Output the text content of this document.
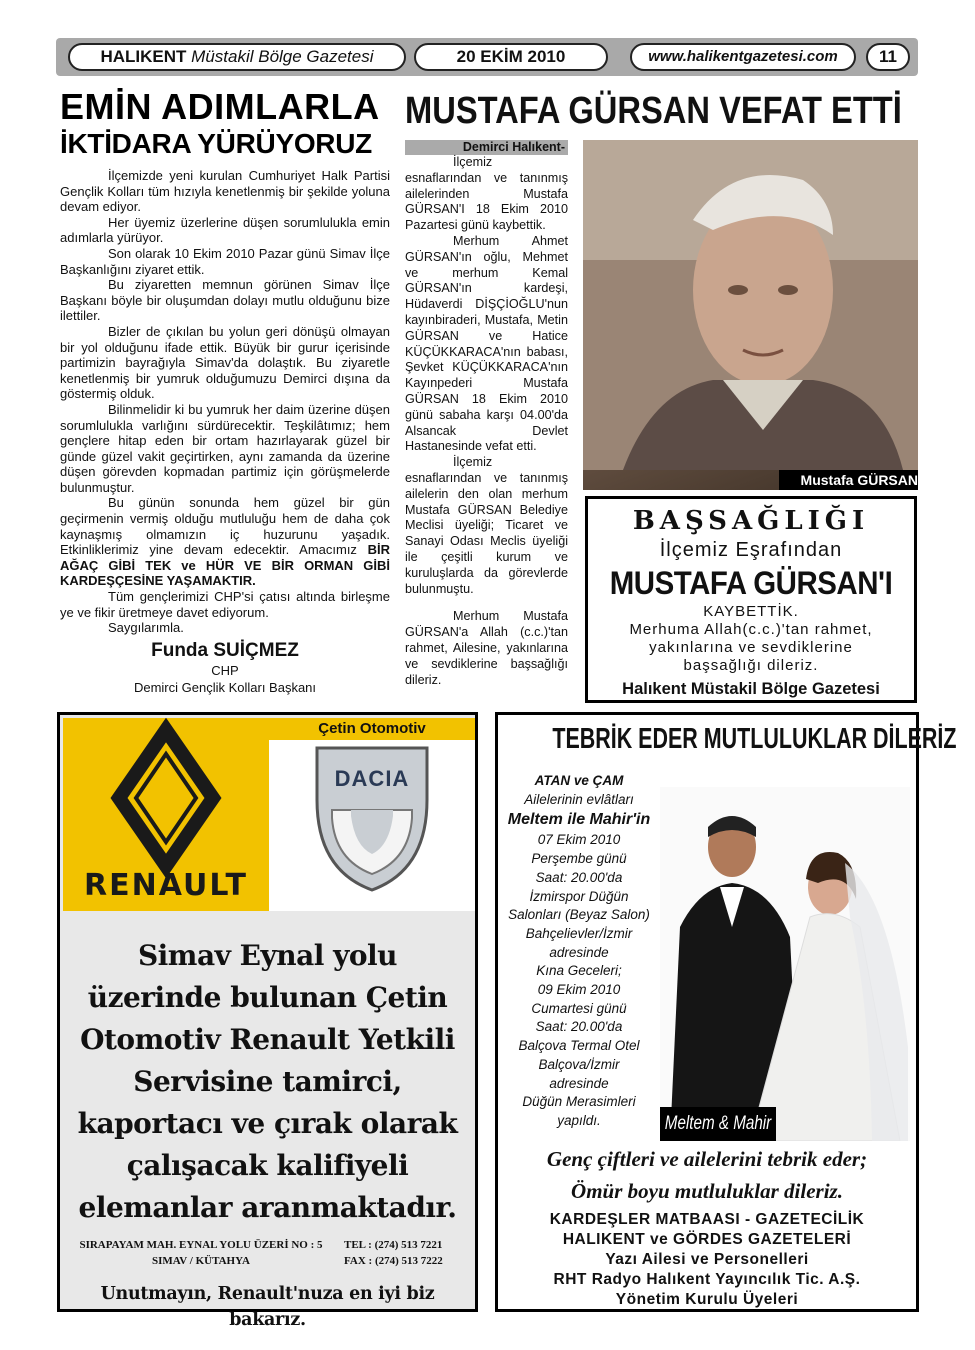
HALIKENT Müstakil Bölge Gazetesi	20 EKİM 2010	www.halikentgazetesi.com	11
EMİN ADIMLARLA
İKTİDARA YÜRÜYORUZ

İlçemizde yeni kurulan Cumhuriyet Halk Partisi Gençlik Kolları tüm hızıyla kenetlenmiş bir şekilde yoluna devam ediyor.

Her üyemiz üzerlerine düşen sorumlulukla emin adımlarla yürüyor.

Son olarak 10 Ekim 2010 Pazar günü Simav İlçe Başkanlığını ziyaret ettik.

Bu ziyaretten memnun görünen Simav İlçe Başkanı böyle bir oluşumdan dolayı mutlu olduğunu bize ilettiler.

Bizler de çıkılan bu yolun geri dönüşü olmayan bir yol olduğunu ifade ettik. Büyük bir gurur içerisinde partimizin bayrağıyla Simav'da dolaştık. Bu ziyaretle kenetlenmiş bir yumruk olduğumuzu Demirci dışına da göstermiş olduk.

Bilinmelidir ki bu yumruk her daim üzerine düşen sorumlulukla varlığını sürdürecektir. Teşkilâtımız; hem gençlere hitap eden bir ortam hazırlayarak güzel bir günde güzel vakit geçirtirken, aynı zamanda da üzerine düşen görevden kopmadan partimiz için görüşmelerde bulunmuştur.

Bu günün sonunda hem güzel bir gün geçirmenin vermiş olduğu mutluluğu hem de daha çok kaynaşmış olmamızın iç huzurunu yaşadık. Etkinliklerimiz yine devam edecektir. Amacımız BİR AĞAÇ GİBİ TEK ve HÜR VE BİR ORMAN GİBİ KARDEŞÇESİNE YAŞAMAKTIR.

Tüm gençlerimizi CHP'si çatısı altında birleşme ye ve fikir üretmeye davet ediyorum.

Saygılarımla.

Funda SUİÇMEZ
CHP
Demirci Gençlik Kolları Başkanı
MUSTAFA GÜRSAN VEFAT ETTİ
Demirci Halıkent-

İlçemiz esnaflarından ve tanınmış ailelerinden Mustafa GÜRSAN'I 18 Ekim 2010 Pazartesi günü kaybettik.

Merhum Ahmet GÜRSAN'ın oğlu, Mehmet ve merhum Kemal GÜRSAN'ın kardeşi, Hüdaverdi DİŞÇİOĞLU'nun kayınbiraderi, Mustafa, Metin GÜRSAN ve Hatice KÜÇÜKKARACA'nın babası, Şevket KÜÇÜKKARACA'nın Kayınpederi Mustafa GÜRSAN 18 Ekim 2010 günü sabaha karşı 04.00'da Alsancak Devlet Hastanesinde vefat etti.

İlçemiz esnaflarından ve tanınmış ailelerin den olan merhum Mustafa GÜRSAN Belediye Meclisi üyeliği; Ticaret ve Sanayi Odası Meclis üyeliği ile çeşitli kurum ve kuruluşlarda da görevlerde bulunmuştu.

Merhum Mustafa GÜRSAN'a Allah (c.c.)'tan rahmet, Ailesine, yakınlarına ve sevdiklerine başsağlığı dileriz.

Mustafa GÜRSAN
BAŞSAĞLIĞI
İlçemiz Eşrafından
MUSTAFA GÜRSAN'I
KAYBETTİK.
Merhuma Allah(c.c.)'tan rahmet,
yakınlarına ve sevdiklerine
başsağlığı dileriz.
Halıkent Müstakil Bölge Gazetesi
RENAULT
Çetin Otomotiv
DACIA
Simav Eynal yolu
üzerinde bulunan Çetin
Otomotiv Renault Yetkili
Servisine tamirci,
kaportacı ve çırak olarak
çalışacak kalifiyeli
elemanlar aranmaktadır.
SIRAPAYAM MAH. EYNAL YOLU ÜZERİ NO : 5
SIMAV / KÜTAHYA
TEL : (274) 513 7221
FAX : (274) 513 7222
Unutmayın, Renault'nuza en iyi biz bakarız.
TEBRİK EDER MUTLULUKLAR DİLERİZ
ATAN ve ÇAM
Ailelerinin evlâtları
Meltem ile Mahir'in
07 Ekim 2010
Perşembe günü
Saat: 20.00'da
İzmirspor Düğün
Salonları (Beyaz Salon)
Bahçelievler/İzmir
adresinde
Kına Geceleri;
09 Ekim 2010
Cumartesi günü
Saat: 20.00'da
Balçova Termal Otel
Balçova/İzmir
adresinde
Düğün Merasimleri
yapıldı.	Meltem & Mahir
Genç çiftleri ve ailelerini tebrik eder;
Ömür boyu mutluluklar dileriz.
KARDEŞLER MATBAASI - GAZETECİLİK
HALIKENT ve GÖRDES GAZETELERİ
Yazı Ailesi ve Personelleri
RHT Radyo Halıkent Yayıncılık Tic. A.Ş.
Yönetim Kurulu Üyeleri
